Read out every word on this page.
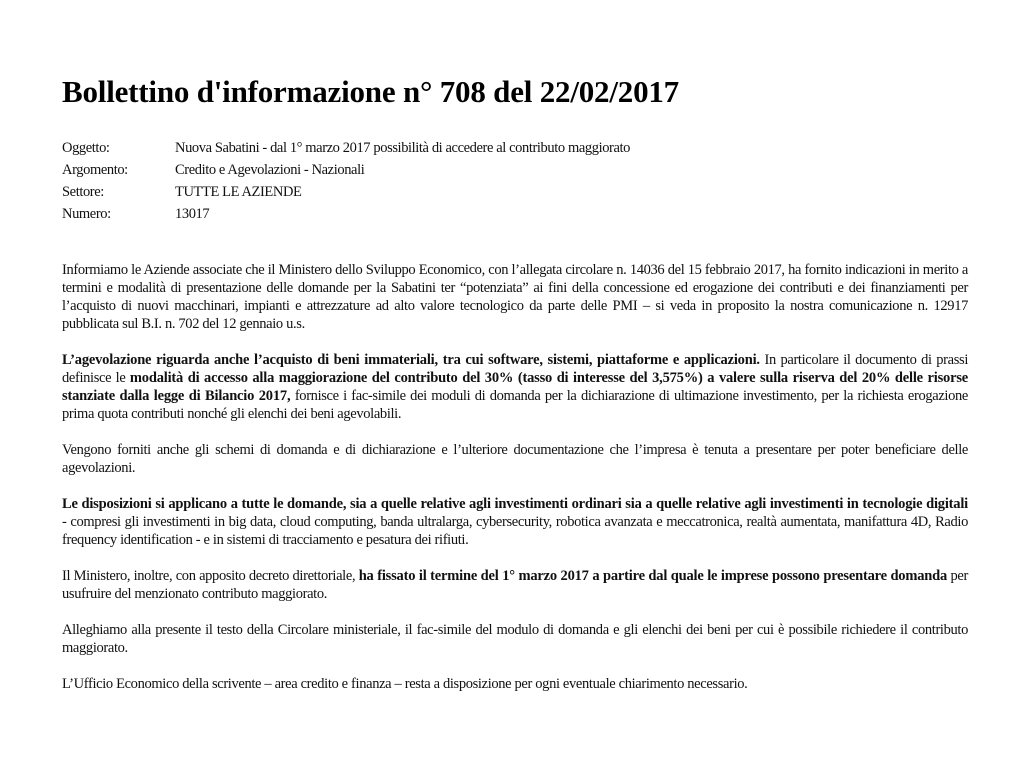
Bollettino d'informazione n° 708 del 22/02/2017
Oggetto:	Nuova Sabatini - dal 1° marzo 2017 possibilità di accedere al contributo maggiorato
Argomento:	Credito e Agevolazioni - Nazionali
Settore:	TUTTE LE AZIENDE
Numero:	13017

Informiamo le Aziende associate che il Ministero dello Sviluppo Economico, con l’allegata circolare n. 14036 del 15 febbraio 2017, ha fornito indicazioni in merito a termini e modalità di presentazione delle domande per la Sabatini ter “potenziata” ai fini della concessione ed erogazione dei contributi e dei finanziamenti per l’acquisto di nuovi macchinari, impianti e attrezzature ad alto valore tecnologico da parte delle PMI – si veda in proposito la nostra comunicazione n. 12917 pubblicata sul B.I. n. 702 del 12 gennaio u.s.

L’agevolazione riguarda anche l’acquisto di beni immateriali, tra cui software, sistemi, piattaforme e applicazioni. In particolare il documento di prassi definisce le modalità di accesso alla maggiorazione del contributo del 30% (tasso di interesse del 3,575%) a valere sulla riserva del 20% delle risorse stanziate dalla legge di Bilancio 2017, fornisce i fac-simile dei moduli di domanda per la dichiarazione di ultimazione investimento, per la richiesta erogazione prima quota contributi nonché gli elenchi dei beni agevolabili.

Vengono forniti anche gli schemi di domanda e di dichiarazione e l’ulteriore documentazione che l’impresa è tenuta a presentare per poter beneficiare delle agevolazioni.

Le disposizioni si applicano a tutte le domande, sia a quelle relative agli investimenti ordinari sia a quelle relative agli investimenti in tecnologie digitali - compresi gli investimenti in big data, cloud computing, banda ultralarga, cybersecurity, robotica avanzata e meccatronica, realtà aumentata, manifattura 4D, Radio frequency identification - e in sistemi di tracciamento e pesatura dei rifiuti.

Il Ministero, inoltre, con apposito decreto direttoriale, ha fissato il termine del 1° marzo 2017 a partire dal quale le imprese possono presentare domanda per usufruire del menzionato contributo maggiorato.

Alleghiamo alla presente il testo della Circolare ministeriale, il fac-simile del modulo di domanda e gli elenchi dei beni per cui è possibile richiedere il contributo maggiorato.

L’Ufficio Economico della scrivente – area credito e finanza – resta a disposizione per ogni eventuale chiarimento necessario.
